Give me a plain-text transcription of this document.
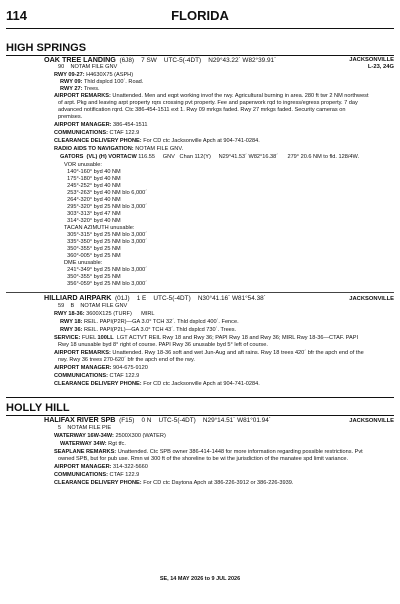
114	FLORIDA
HIGH SPRINGS
OAK TREE LANDING (6J8) 7 SW UTC-5(-4DT) N29°43.22´ W82°39.91´	JACKSONVILLE
L-23, 24G
90    NOTAM FILE GNV
RWY 09-27: H4630X75 (ASPH)
RWY 09: Thld dsplcd 100´. Road.
RWY 27: Trees.
AIRPORT REMARKS: Unattended. Men and eqpt working invof the rwy. Agricultural burning in area. 280 ft twr 2 NM northwest
of arpt. Pkg and leaving arpt property rqrs crossing pvt property. Fee and paperwork rqd to ingress/egress property. 7 day
advanced notification rqrd. Ctc 386-454-1511 ext 1. Rwy 09 mrkgs faded. Rwy 27 mrkgs faded. Security cameras on
premises.
AIRPORT MANAGER: 386-454-1511
COMMUNICATIONS: CTAF 122.9
CLEARANCE DELIVERY PHONE: For CD ctc Jacksonville Apch at 904-741-0284.
RADIO AIDS TO NAVIGATION: NOTAM FILE GNV.
GATORS  (VL) (H) VORTACW 116.55     GNV   Chan 112(Y)     N29°41.53´ W82°16.38´      279° 20.6 NM to fld. 128/4W.
VOR unusable:
140°-160° byd 40 NM
175°-180° byd 40 NM
245°-252° byd 40 NM
253°-263° byd 40 NM blo 6,000´
264°-320° byd 40 NM
295°-320° byd 25 NM blo 3,000´
303°-313° byd 47 NM
314°-320° byd 40 NM
TACAN AZIMUTH unusable:
305°-315° byd 25 NM blo 3,000´
335°-350° byd 25 NM blo 3,000´
350°-355° byd 25 NM
360°-005° byd 25 NM
DME unusable:
241°-349° byd 25 NM blo 3,000´
350°-355° byd 25 NM
356°-059° byd 25 NM blo 3,000´
HILLIARD AIRPARK (01J) 1 E UTC-5(-4DT) N30°41.16´ W81°54.38´	JACKSONVILLE
59    B    NOTAM FILE GNV
RWY 18-36: 3600X125 (TURF)      MIRL
RWY 18: REIL. PAPI(P2R)—GA 3.0° TCH 32´. Thld dsplcd 400´. Fence.
RWY 36: REIL. PAPI(P2L)—GA 3.0° TCH 43´. Thld dsplcd 730´. Trees.
SERVICE: FUEL 100LL  LGT ACTVT REIL Rwy 18 and Rwy 36; PAPI Rwy 18 and Rwy 36; MIRL Rwy 18-36—CTAF. PAPI
Rwy 18 unusable byd 8° right of course. PAPI Rwy 36 unusable byd 5° left of course.
AIRPORT REMARKS: Unattended. Rwy 18-36 soft and wet Jun-Aug and aft rains. Rwy 18 trees 420´ bfr the apch end of the
rwy. Rwy 36 trees 270-620´ bfr the apch end of the rwy.
AIRPORT MANAGER: 904-675-9120
COMMUNICATIONS: CTAF 122.9
CLEARANCE DELIVERY PHONE: For CD ctc Jacksonville Apch at 904-741-0284.
HOLLY HILL
HALIFAX RIVER SPB (F15) 0 N UTC-5(-4DT) N29°14.51´ W81°01.94´	JACKSONVILLE
5    NOTAM FILE PIE
WATERWAY 16W-34W: 2500X300 (WATER)
WATERWAY 34W: Rgt tfc.
SEAPLANE REMARKS: Unattended. Ctc SPB owner 386-414-1448 for more information regarding possible restrictions. Pvt
owned SPB, but for pub use. Rmn wi 300 ft of the shoreline to be wi the jurisdiction of the manatee spd limit variance.
AIRPORT MANAGER: 314-322-5660
COMMUNICATIONS: CTAF 122.9
CLEARANCE DELIVERY PHONE: For CD ctc Daytona Apch at 386-226-3912 or 386-226-3939.
SE, 14 MAY 2026 to 9 JUL 2026
